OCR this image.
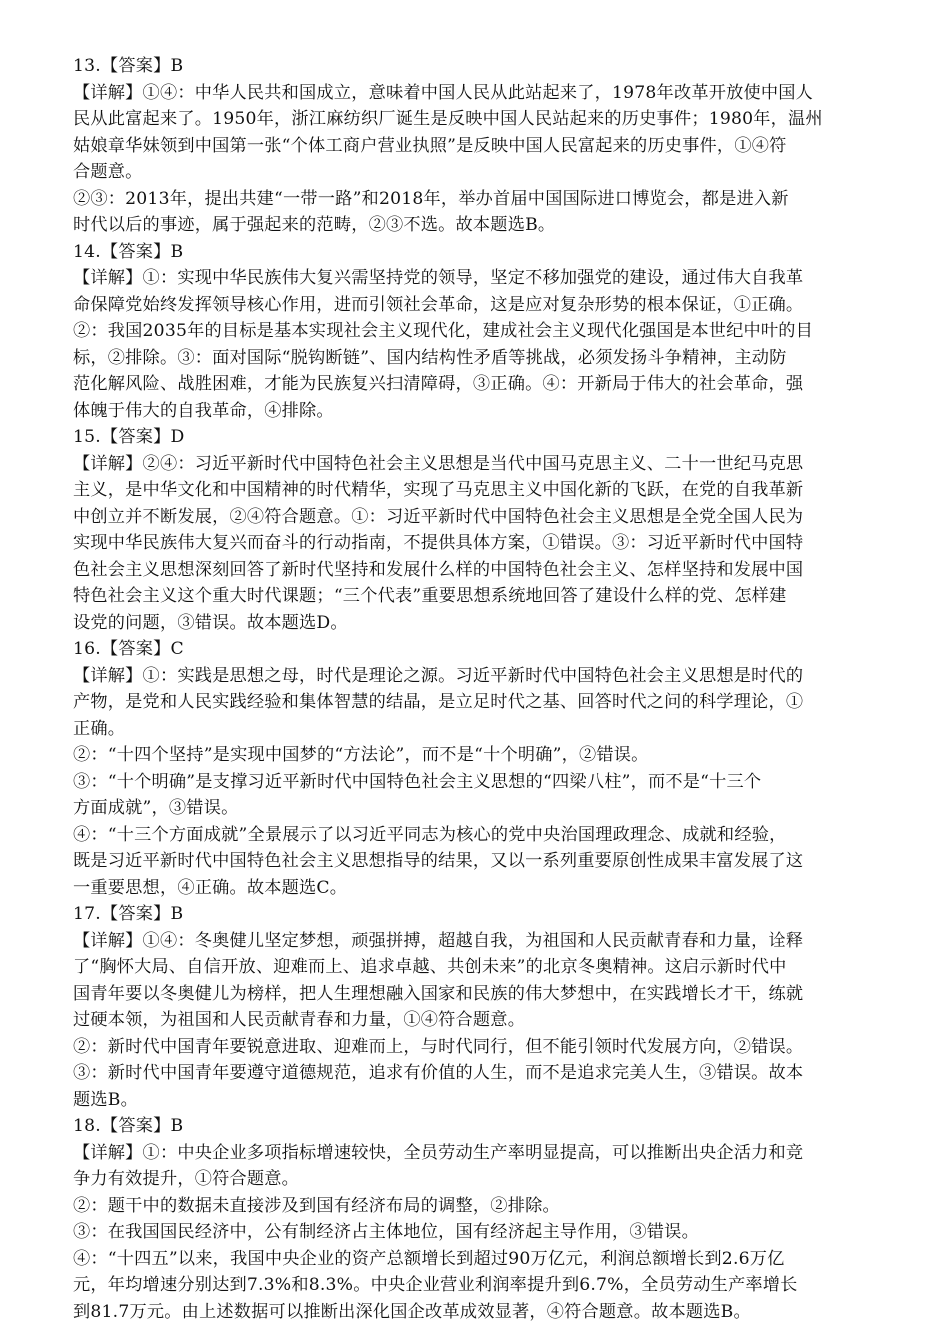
13.【答案】B
【详解】①④：中华人民共和国成立，意味着中国人民从此站起来了，1978年改革开放使中国人
民从此富起来了。1950年，浙江麻纺织厂诞生是反映中国人民站起来的历史事件；1980年，温州
姑娘章华妹领到中国第一张“个体工商户营业执照”是反映中国人民富起来的历史事件，①④符
合题意。
②③：2013年，提出共建“一带一路”和2018年，举办首届中国国际进口博览会，都是进入新
时代以后的事迹，属于强起来的范畴，②③不选。故本题选B。
14.【答案】B
【详解】①：实现中华民族伟大复兴需坚持党的领导，坚定不移加强党的建设，通过伟大自我革
命保障党始终发挥领导核心作用，进而引领社会革命，这是应对复杂形势的根本保证，①正确。
②：我国2035年的目标是基本实现社会主义现代化，建成社会主义现代化强国是本世纪中叶的目
标，②排除。③：面对国际“脱钩断链”、国内结构性矛盾等挑战，必须发扬斗争精神，主动防
范化解风险、战胜困难，才能为民族复兴扫清障碍，③正确。④：开新局于伟大的社会革命，强
体魄于伟大的自我革命，④排除。
15.【答案】D
【详解】②④：习近平新时代中国特色社会主义思想是当代中国马克思主义、二十一世纪马克思
主义，是中华文化和中国精神的时代精华，实现了马克思主义中国化新的飞跃，在党的自我革新
中创立并不断发展，②④符合题意。①：习近平新时代中国特色社会主义思想是全党全国人民为
实现中华民族伟大复兴而奋斗的行动指南，不提供具体方案，①错误。③：习近平新时代中国特
色社会主义思想深刻回答了新时代坚持和发展什么样的中国特色社会主义、怎样坚持和发展中国
特色社会主义这个重大时代课题；“三个代表”重要思想系统地回答了建设什么样的党、怎样建
设党的问题，③错误。故本题选D。
16.【答案】C
【详解】①：实践是思想之母，时代是理论之源。习近平新时代中国特色社会主义思想是时代的
产物，是党和人民实践经验和集体智慧的结晶，是立足时代之基、回答时代之问的科学理论，①
正确。
②：“十四个坚持”是实现中国梦的“方法论”，而不是“十个明确”，②错误。
③：“十个明确”是支撑习近平新时代中国特色社会主义思想的“四梁八柱”，而不是“十三个
方面成就”，③错误。
④：“十三个方面成就”全景展示了以习近平同志为核心的党中央治国理政理念、成就和经验，
既是习近平新时代中国特色社会主义思想指导的结果，又以一系列重要原创性成果丰富发展了这
一重要思想，④正确。故本题选C。
17.【答案】B
【详解】①④：冬奥健儿坚定梦想，顽强拼搏，超越自我，为祖国和人民贡献青春和力量，诠释
了“胸怀大局、自信开放、迎难而上、追求卓越、共创未来”的北京冬奥精神。这启示新时代中
国青年要以冬奥健儿为榜样，把人生理想融入国家和民族的伟大梦想中，在实践增长才干，练就
过硬本领，为祖国和人民贡献青春和力量，①④符合题意。
②：新时代中国青年要锐意进取、迎难而上，与时代同行，但不能引领时代发展方向，②错误。
③：新时代中国青年要遵守道德规范，追求有价值的人生，而不是追求完美人生，③错误。故本
题选B。
18.【答案】B
【详解】①：中央企业多项指标增速较快，全员劳动生产率明显提高，可以推断出央企活力和竞
争力有效提升，①符合题意。
②：题干中的数据未直接涉及到国有经济布局的调整，②排除。
③：在我国国民经济中，公有制经济占主体地位，国有经济起主导作用，③错误。
④：“十四五”以来，我国中央企业的资产总额增长到超过90万亿元，利润总额增长到2.6万亿
元，年均增速分别达到7.3%和8.3%。中央企业营业利润率提升到6.7%，全员劳动生产率增长
到81.7万元。由上述数据可以推断出深化国企改革成效显著，④符合题意。故本题选B。
